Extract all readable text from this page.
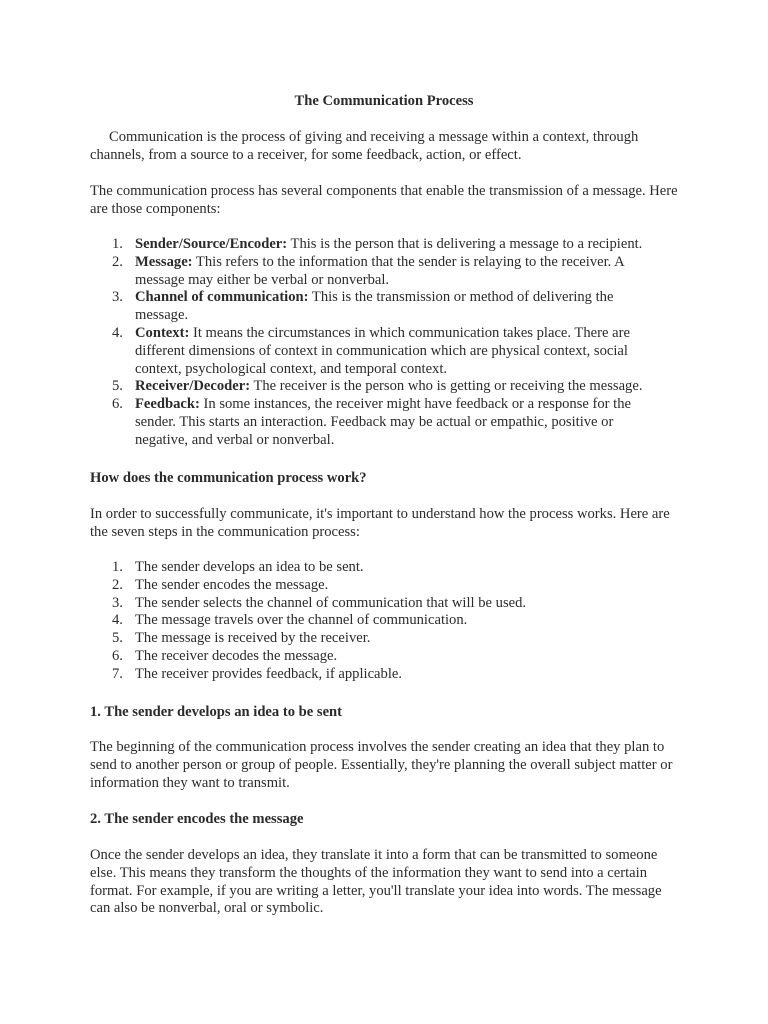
The Communication Process

Communication is the process of giving and receiving a message within a context, through channels, from a source to a receiver, for some feedback, action, or effect.

The communication process has several components that enable the transmission of a message. Here are those components:

1. Sender/Source/Encoder: This is the person that is delivering a message to a recipient.
2. Message: This refers to the information that the sender is relaying to the receiver. A message may either be verbal or nonverbal.
3. Channel of communication: This is the transmission or method of delivering the message.
4. Context: It means the circumstances in which communication takes place. There are different dimensions of context in communication which are physical context, social context, psychological context, and temporal context.
5. Receiver/Decoder: The receiver is the person who is getting or receiving the message.
6. Feedback: In some instances, the receiver might have feedback or a response for the sender. This starts an interaction. Feedback may be actual or empathic, positive or negative, and verbal or nonverbal.

How does the communication process work?

In order to successfully communicate, it's important to understand how the process works. Here are the seven steps in the communication process:

1. The sender develops an idea to be sent.
2. The sender encodes the message.
3. The sender selects the channel of communication that will be used.
4. The message travels over the channel of communication.
5. The message is received by the receiver.
6. The receiver decodes the message.
7. The receiver provides feedback, if applicable.

1. The sender develops an idea to be sent

The beginning of the communication process involves the sender creating an idea that they plan to send to another person or group of people. Essentially, they're planning the overall subject matter or information they want to transmit.

2. The sender encodes the message

Once the sender develops an idea, they translate it into a form that can be transmitted to someone else. This means they transform the thoughts of the information they want to send into a certain format. For example, if you are writing a letter, you'll translate your idea into words. The message can also be nonverbal, oral or symbolic.
